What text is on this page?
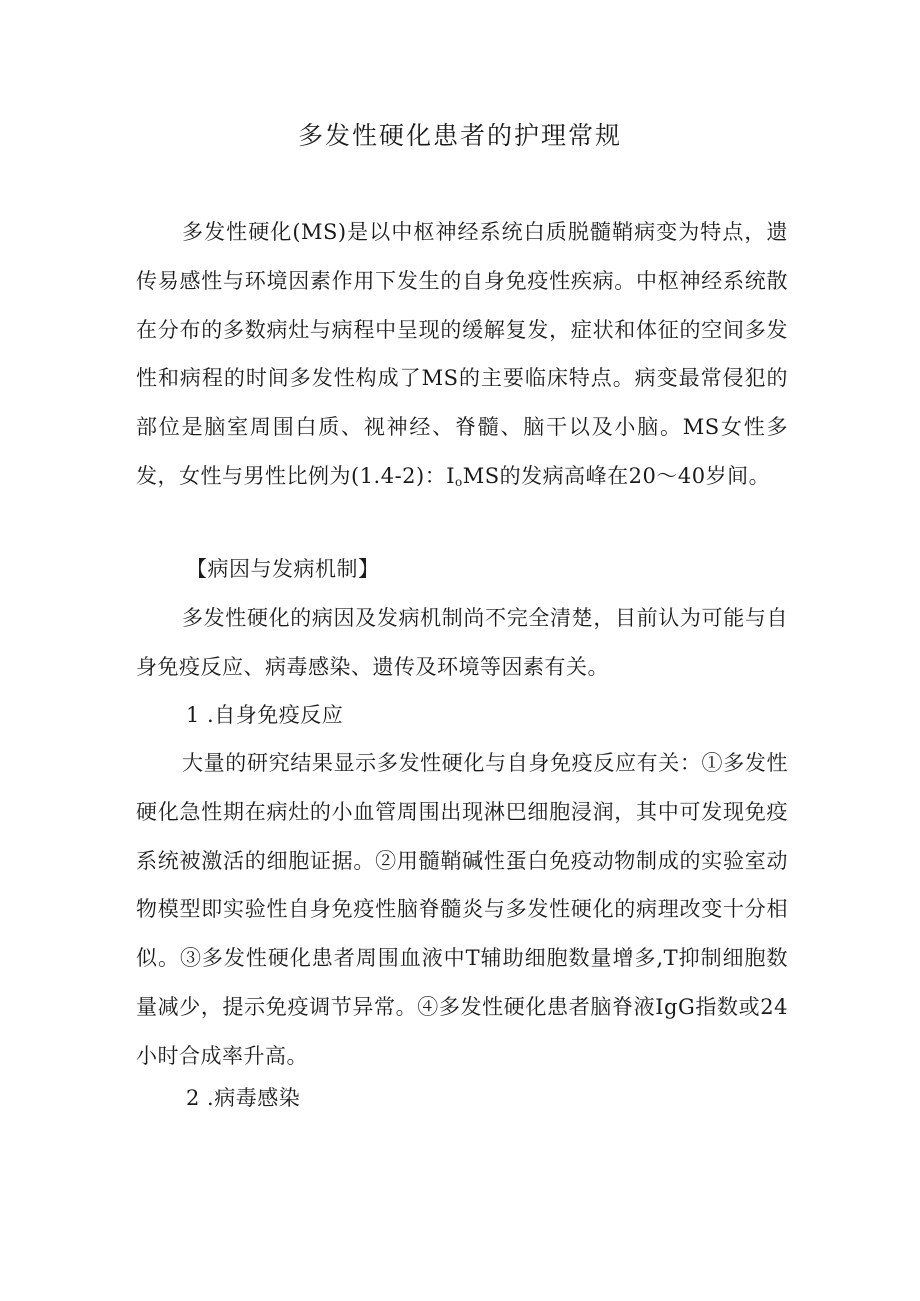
多发性硬化患者的护理常规

多发性硬化(MS)是以中枢神经系统白质脱髓鞘病变为特点，遗传易感性与环境因素作用下发生的自身免疫性疾病。中枢神经系统散在分布的多数病灶与病程中呈现的缓解复发，症状和体征的空间多发性和病程的时间多发性构成了MS的主要临床特点。病变最常侵犯的部位是脑室周围白质、视神经、脊髓、脑干以及小脑。MS女性多发，女性与男性比例为(1.4-2)：$I_oMS$的发病高峰在20～40岁间。

【病因与发病机制】

多发性硬化的病因及发病机制尚不完全清楚，目前认为可能与自身免疫反应、病毒感染、遗传及环境等因素有关。

1 .自身免疫反应

大量的研究结果显示多发性硬化与自身免疫反应有关：①多发性硬化急性期在病灶的小血管周围出现淋巴细胞浸润，其中可发现免疫系统被激活的细胞证据。②用髓鞘碱性蛋白免疫动物制成的实验室动物模型即实验性自身免疫性脑脊髓炎与多发性硬化的病理改变十分相似。③多发性硬化患者周围血液中T辅助细胞数量增多,T抑制细胞数量减少，提示免疫调节异常。④多发性硬化患者脑脊液IgG指数或24小时合成率升高。

2 .病毒感染
